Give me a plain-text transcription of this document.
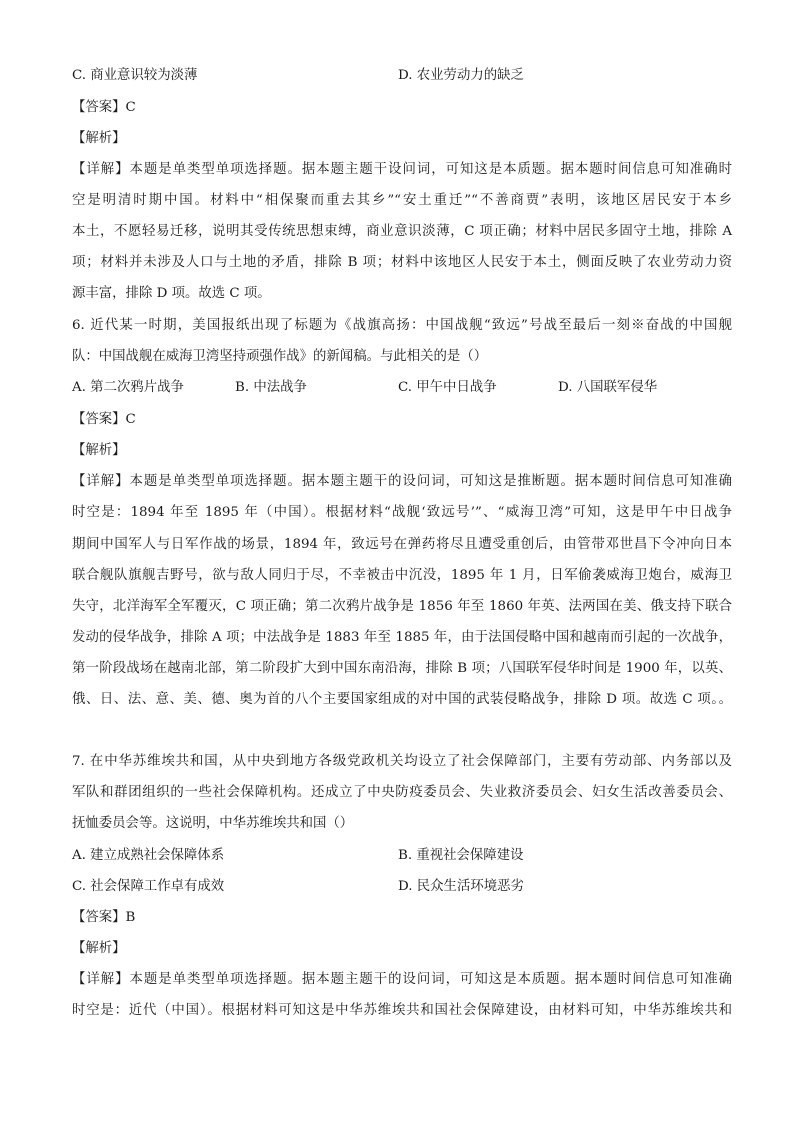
C. 商业意识较为淡薄	D. 农业劳动力的缺乏
【答案】C
【解析】
【详解】本题是单类型单项选择题。据本题主题干设问词，可知这是本质题。据本题时间信息可知准确时
空是明清时期中国。材料中“相保聚而重去其乡”“安土重迁”“不善商贾”表明，该地区居民安于本乡
本土，不愿轻易迁移，说明其受传统思想束缚，商业意识淡薄，C 项正确；材料中居民多固守土地，排除 A
项；材料并未涉及人口与土地的矛盾，排除 B 项；材料中该地区人民安于本土，侧面反映了农业劳动力资
源丰富，排除 D 项。故选 C 项。
6. 近代某一时期，美国报纸出现了标题为《战旗高扬：中国战舰“致远”号战至最后一刻※奋战的中国舰
队：中国战舰在威海卫湾坚持顽强作战》的新闻稿。与此相关的是（）
A. 第二次鸦片战争	B. 中法战争	C. 甲午中日战争	D. 八国联军侵华
【答案】C
【解析】
【详解】本题是单类型单项选择题。据本题主题干的设问词，可知这是推断题。据本题时间信息可知准确
时空是：1894 年至 1895 年（中国）。根据材料“战舰‘致远号’”、“威海卫湾”可知，这是甲午中日战争
期间中国军人与日军作战的场景，1894 年，致远号在弹药将尽且遭受重创后，由管带邓世昌下令冲向日本
联合舰队旗舰吉野号，欲与敌人同归于尽，不幸被击中沉没，1895 年 1 月，日军偷袭威海卫炮台，威海卫
失守，北洋海军全军覆灭，C 项正确；第二次鸦片战争是 1856 年至 1860 年英、法两国在美、俄支持下联合
发动的侵华战争，排除 A 项；中法战争是 1883 年至 1885 年，由于法国侵略中国和越南而引起的一次战争，
第一阶段战场在越南北部，第二阶段扩大到中国东南沿海，排除 B 项；八国联军侵华时间是 1900 年，以英、
俄、日、法、意、美、德、奥为首的八个主要国家组成的对中国的武装侵略战争，排除 D 项。故选 C 项。。
7. 在中华苏维埃共和国，从中央到地方各级党政机关均设立了社会保障部门，主要有劳动部、内务部以及
军队和群团组织的一些社会保障机构。还成立了中央防疫委员会、失业救济委员会、妇女生活改善委员会、
抚恤委员会等。这说明，中华苏维埃共和国（）
A. 建立成熟社会保障体系	B. 重视社会保障建设
C. 社会保障工作卓有成效	D. 民众生活环境恶劣
【答案】B
【解析】
【详解】本题是单类型单项选择题。据本题主题干的设问词，可知这是本质题。据本题时间信息可知准确
时空是：近代（中国）。根据材料可知这是中华苏维埃共和国社会保障建设，由材料可知，中华苏维埃共和
